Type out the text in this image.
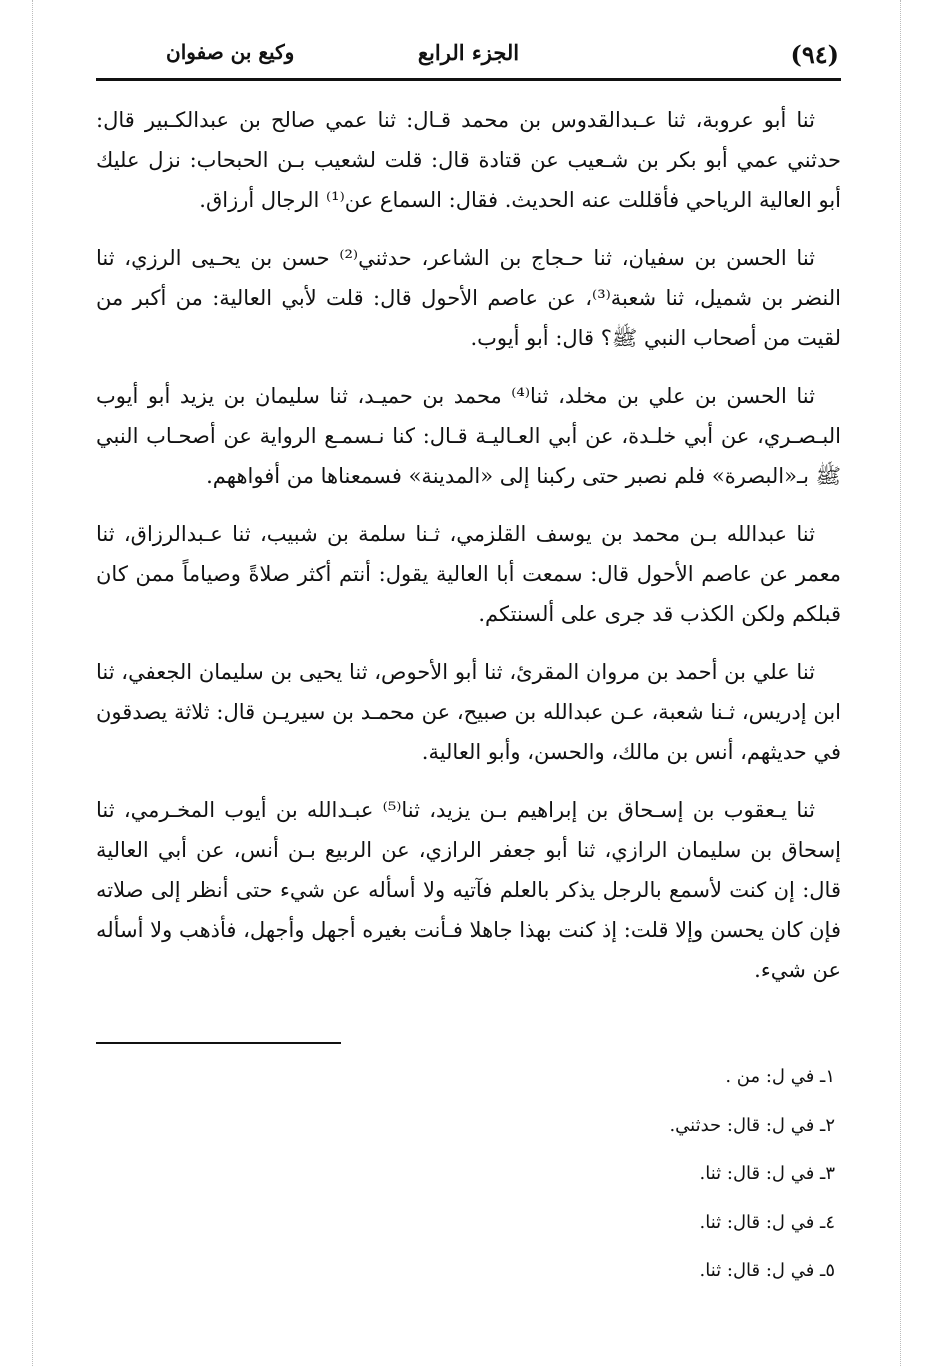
(٩٤)
الجزء الرابع
وكيع بن صفوان

ثنا أبو عروبة، ثنا عـبدالقدوس بن محمد قـال: ثنا عمي صالح بن عبدالكـبير قال: حدثني عمي أبو بكر بن شـعيب عن قتادة قال: قلت لشعيب بـن الحبحاب: نزل عليك أبو العالية الرياحي فأقللت عنه الحديث. فقال: السماع عن⁽¹⁾ الرجال أرزاق.

ثنا الحسن بن سفيان، ثنا حـجاج بن الشاعر، حدثني⁽²⁾ حسن بن يحـيى الرزي، ثنا النضر بن شميل، ثنا شعبة⁽³⁾، عن عاصم الأحول قال: قلت لأبي العالية: من أكبر من لقيت من أصحاب النبي ﷺ؟ قال: أبو أيوب.

ثنا الحسن بن علي بن مخلد، ثنا⁽⁴⁾ محمد بن حميـد، ثنا سليمان بن يزيد أبو أيوب البـصـري، عن أبي خلـدة، عن أبي العـاليـة قـال: كنا نـسمـع الرواية عن أصحـاب النبي ﷺ بـ«البصرة» فلم نصبر حتى ركبنا إلى «المدينة» فسمعناها من أفواههم.

ثنا عبدالله بـن محمد بن يوسف القلزمي، ثـنا سلمة بن شبيب، ثنا عـبدالرزاق، ثنا معمر عن عاصم الأحول قال: سمعت أبا العالية يقول: أنتم أكثر صلاةً وصياماً ممن كان قبلكم ولكن الكذب قد جرى على ألسنتكم.

ثنا علي بن أحمد بن مروان المقرئ، ثنا أبو الأحوص، ثنا يحيى بن سليمان الجعفي، ثنا ابن إدريس، ثـنا شعبة، عـن عبدالله بن صبيح، عن محمـد بن سيريـن قال: ثلاثة يصدقون في حديثهم، أنس بن مالك، والحسن، وأبو العالية.

ثنا يـعقوب بن إسـحاق بن إبراهيم بـن يزيد، ثنا⁽⁵⁾ عبـدالله بن أيوب المخـرمي، ثنا إسحاق بن سليمان الرازي، ثنا أبو جعفر الرازي، عن الربيع بـن أنس، عن أبي العالية قال: إن كنت لأسمع بالرجل يذكر بالعلم فآتيه ولا أسأله عن شيء حتى أنظر إلى صلاته فإن كان يحسن وإلا قلت: إذ كنت بهذا جاهلا فـأنت بغيره أجهل وأجهل، فأذهب ولا أسأله عن شيء.

١ـ في ل: من .
٢ـ في ل: قال: حدثني.
٣ـ في ل: قال: ثنا.
٤ـ في ل: قال: ثنا.
٥ـ في ل: قال: ثنا.
